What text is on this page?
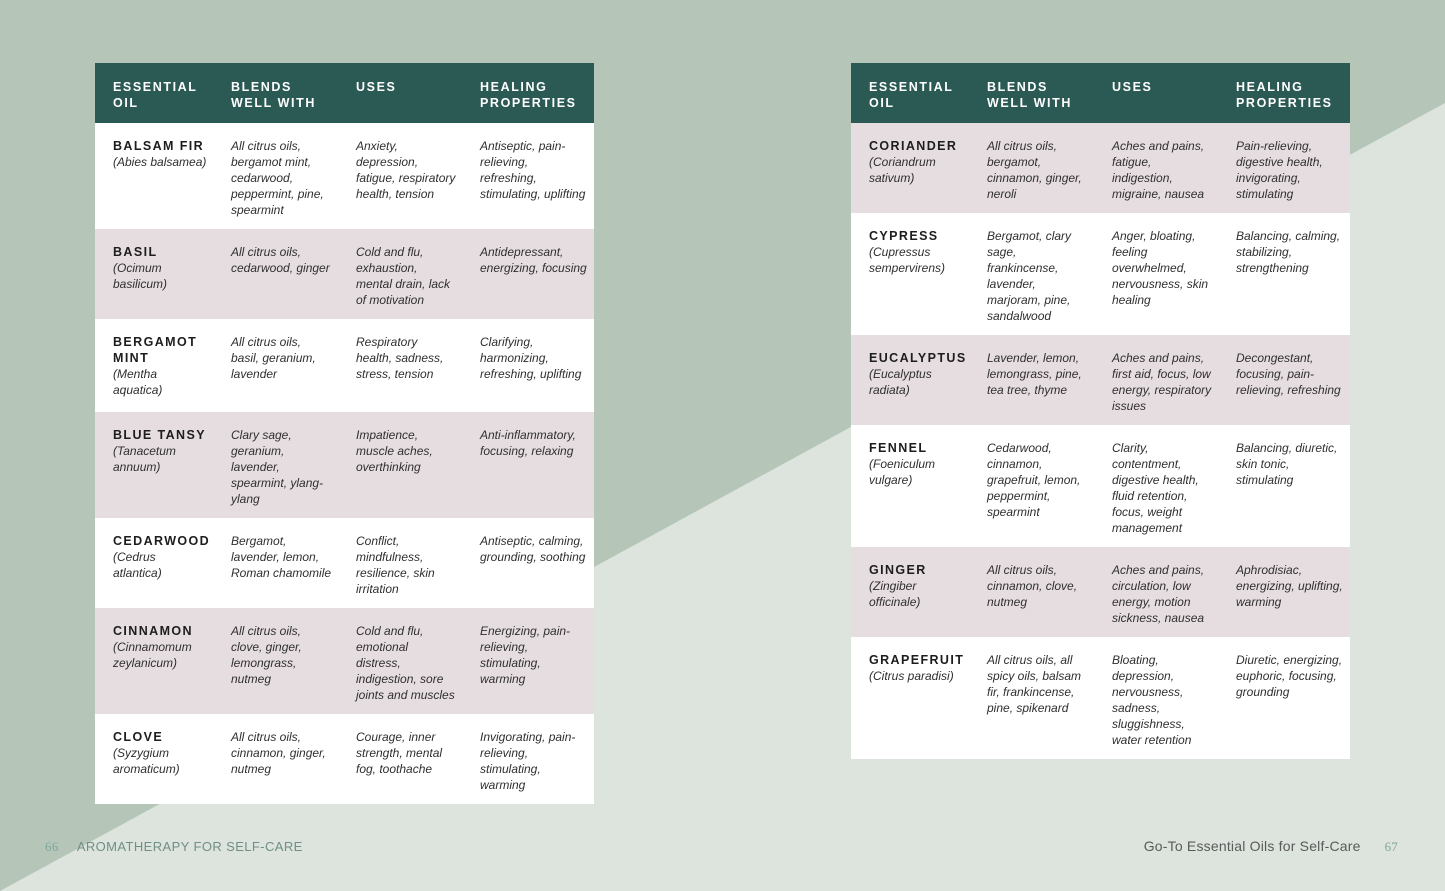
ESSENTIAL OIL	BLENDS WELL WITH	USES	HEALING PROPERTIES

BALSAM FIR
(Abies balsamea)	All citrus oils, bergamot mint, cedarwood, peppermint, pine, spearmint	Anxiety, depression, fatigue, respiratory health, tension	Antiseptic, pain-relieving, refreshing, stimulating, uplifting

BASIL
(Ocimum basilicum)	All citrus oils, cedarwood, ginger	Cold and flu, exhaustion, mental drain, lack of motivation	Antidepressant, energizing, focusing

BERGAMOT MINT
(Mentha aquatica)	All citrus oils, basil, geranium, lavender	Respiratory health, sadness, stress, tension	Clarifying, harmonizing, refreshing, uplifting

BLUE TANSY
(Tanacetum annuum)	Clary sage, geranium, lavender, spearmint, ylang-ylang	Impatience, muscle aches, overthinking	Anti-inflammatory, focusing, relaxing

CEDARWOOD
(Cedrus atlantica)	Bergamot, lavender, lemon, Roman chamomile	Conflict, mindfulness, resilience, skin irritation	Antiseptic, calming, grounding, soothing

CINNAMON
(Cinnamomum zeylanicum)	All citrus oils, clove, ginger, lemongrass, nutmeg	Cold and flu, emotional distress, indigestion, sore joints and muscles	Energizing, pain-relieving, stimulating, warming

CLOVE
(Syzygium aromaticum)	All citrus oils, cinnamon, ginger, nutmeg	Courage, inner strength, mental fog, toothache	Invigorating, pain-relieving, stimulating, warming
ESSENTIAL OIL	BLENDS WELL WITH	USES	HEALING PROPERTIES

CORIANDER
(Coriandrum sativum)	All citrus oils, bergamot, cinnamon, ginger, neroli	Aches and pains, fatigue, indigestion, migraine, nausea	Pain-relieving, digestive health, invigorating, stimulating

CYPRESS
(Cupressus sempervirens)	Bergamot, clary sage, frankincense, lavender, marjoram, pine, sandalwood	Anger, bloating, feeling overwhelmed, nervousness, skin healing	Balancing, calming, stabilizing, strengthening

EUCALYPTUS
(Eucalyptus radiata)	Lavender, lemon, lemongrass, pine, tea tree, thyme	Aches and pains, first aid, focus, low energy, respiratory issues	Decongestant, focusing, pain-relieving, refreshing

FENNEL
(Foeniculum vulgare)	Cedarwood, cinnamon, grapefruit, lemon, peppermint, spearmint	Clarity, contentment, digestive health, fluid retention, focus, weight management	Balancing, diuretic, skin tonic, stimulating

GINGER
(Zingiber officinale)	All citrus oils, cinnamon, clove, nutmeg	Aches and pains, circulation, low energy, motion sickness, nausea	Aphrodisiac, energizing, uplifting, warming

GRAPEFRUIT
(Citrus paradisi)	All citrus oils, all spicy oils, balsam fir, frankincense, pine, spikenard	Bloating, depression, nervousness, sadness, sluggishness, water retention	Diuretic, energizing, euphoric, focusing, grounding
66 AROMATHERAPY FOR SELF-CARE	Go-To Essential Oils for Self-Care 67
